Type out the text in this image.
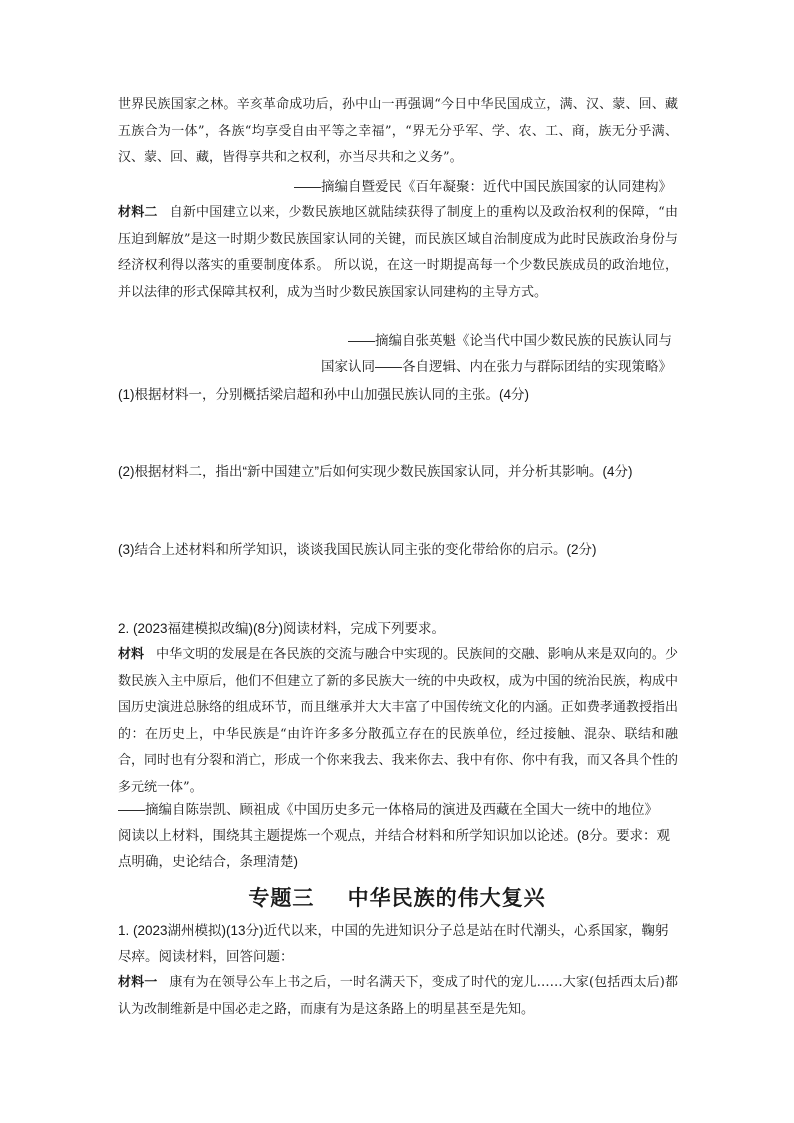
世界民族国家之林。辛亥革命成功后，孙中山一再强调“今日中华民国成立，满、汉、蒙、回、藏五族合为一体”，各族“均享受自由平等之幸福”，“界无分乎军、学、农、工、商，族无分乎满、汉、蒙、回、藏，皆得享共和之权利，亦当尽共和之义务”。

——摘编自暨爱民《百年凝聚：近代中国民族国家的认同建构》
材料二 自新中国建立以来，少数民族地区就陆续获得了制度上的重构以及政治权利的保障，“由压迫到解放”是这一时期少数民族国家认同的关键，而民族区域自治制度成为此时民族政治身份与经济权利得以落实的重要制度体系。 所以说，在这一时期提高每一个少数民族成员的政治地位，并以法律的形式保障其权利，成为当时少数民族国家认同建构的主导方式。
——摘编自张英魁《论当代中国少数民族的民族认同与
国家认同——各自逻辑、内在张力与群际团结的实现策略》
(1)根据材料一，分别概括梁启超和孙中山加强民族认同的主张。(4分)
(2)根据材料二，指出“新中国建立”后如何实现少数民族国家认同，并分析其影响。(4分)
(3)结合上述材料和所学知识，谈谈我国民族认同主张的变化带给你的启示。(2分)
2. (2023福建模拟改编)(8分)阅读材料，完成下列要求。
材料 中华文明的发展是在各民族的交流与融合中实现的。民族间的交融、影响从来是双向的。少数民族入主中原后，他们不但建立了新的多民族大一统的中央政权，成为中国的统治民族，构成中国历史演进总脉络的组成环节，而且继承并大大丰富了中国传统文化的内涵。正如费孝通教授指出的：在历史上，中华民族是“由许许多多分散孤立存在的民族单位，经过接触、混杂、联结和融合，同时也有分裂和消亡，形成一个你来我去、我来你去、我中有你、你中有我，而又各具个性的多元统一体”。
——摘编自陈崇凯、顾祖成《中国历史多元一体格局的演进及西藏在全国大一统中的地位》
阅读以上材料，围绕其主题提炼一个观点，并结合材料和所学知识加以论述。(8分。要求：观点明确，史论结合，条理清楚)
专题三 中华民族的伟大复兴
1. (2023湖州模拟)(13分)近代以来，中国的先进知识分子总是站在时代潮头，心系国家，鞠躬尽瘁。阅读材料，回答问题：
材料一 康有为在领导公车上书之后，一时名满天下，变成了时代的宠儿……大家(包括西太后)都认为改制维新是中国必走之路，而康有为是这条路上的明星甚至是先知。
